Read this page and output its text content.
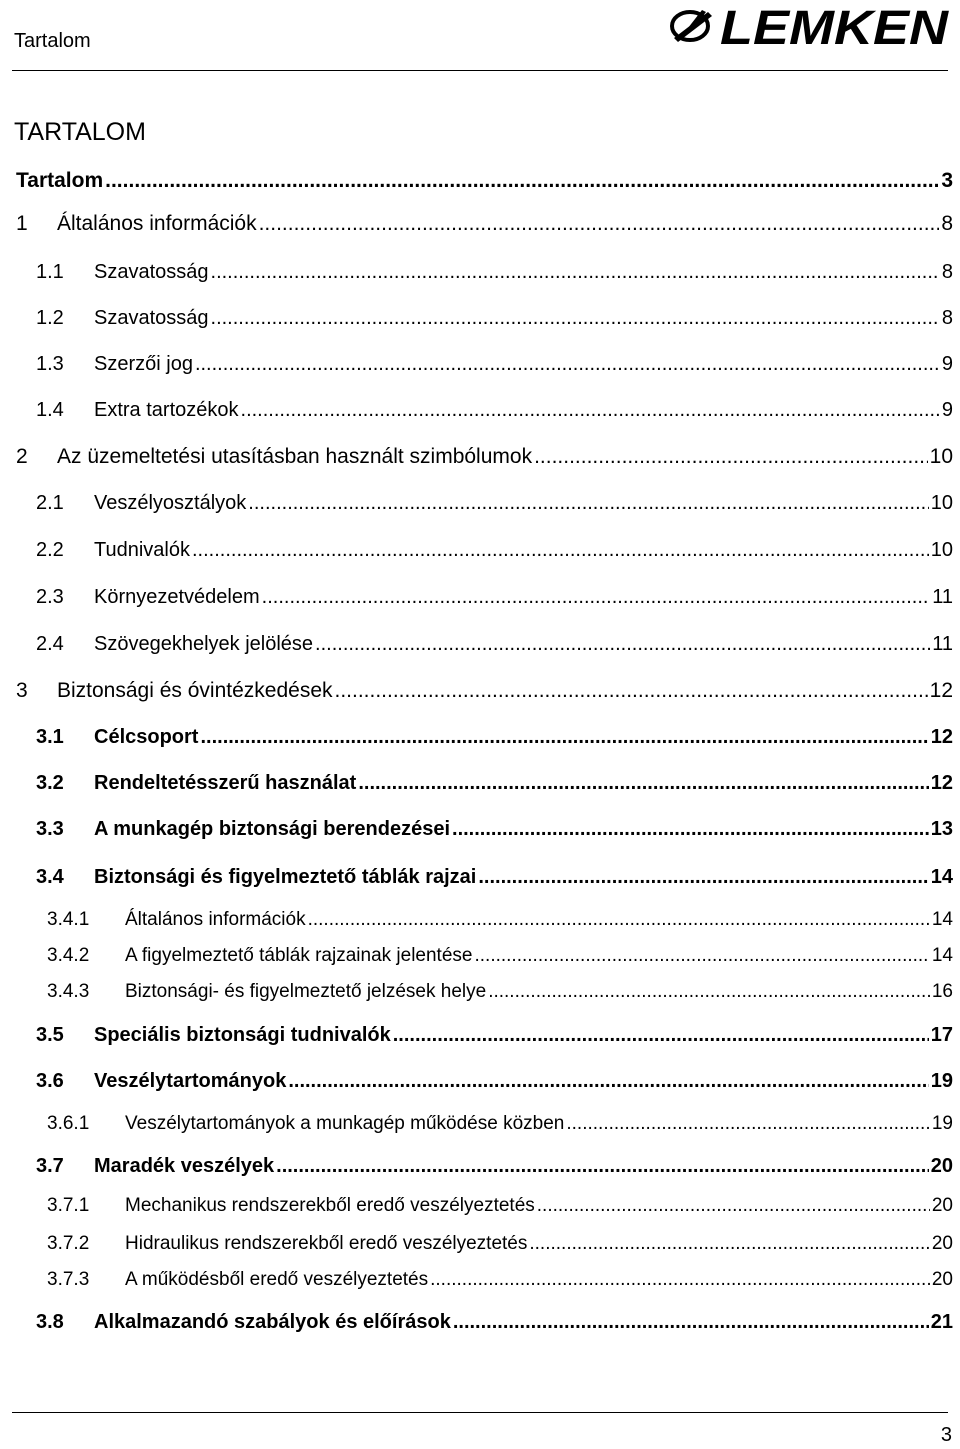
Tartalom	LEMKEN
TARTALOM
Tartalom .....	3
1	Általános információk .....	8
1.1	Szavatosság .....	8
1.2	Szavatosság .....	8
1.3	Szerzői jog .....	9
1.4	Extra tartozékok .....	9
2	Az üzemeltetési utasításban használt szimbólumok .....	10
2.1	Veszélyosztályok .....	10
2.2	Tudnivalók .....	10
2.3	Környezetvédelem .....	11
2.4	Szövegekhelyek jelölése .....	11
3	Biztonsági és óvintézkedések .....	12
3.1	Célcsoport .....	12
3.2	Rendeltetésszerű használat .....	12
3.3	A munkagép biztonsági berendezései .....	13
3.4	Biztonsági és figyelmeztető táblák rajzai .....	14
3.4.1	Általános információk .....	14
3.4.2	A figyelmeztető táblák rajzainak jelentése .....	14
3.4.3	Biztonsági- és figyelmeztető jelzések helye .....	16
3.5	Speciális biztonsági tudnivalók .....	17
3.6	Veszélytartományok .....	19
3.6.1	Veszélytartományok a munkagép működése közben .....	19
3.7	Maradék veszélyek .....	20
3.7.1	Mechanikus rendszerekből eredő veszélyeztetés .....	20
3.7.2	Hidraulikus rendszerekből eredő veszélyeztetés .....	20
3.7.3	A működésből eredő veszélyeztetés .....	20
3.8	Alkalmazandó szabályok és előírások .....	21
3
